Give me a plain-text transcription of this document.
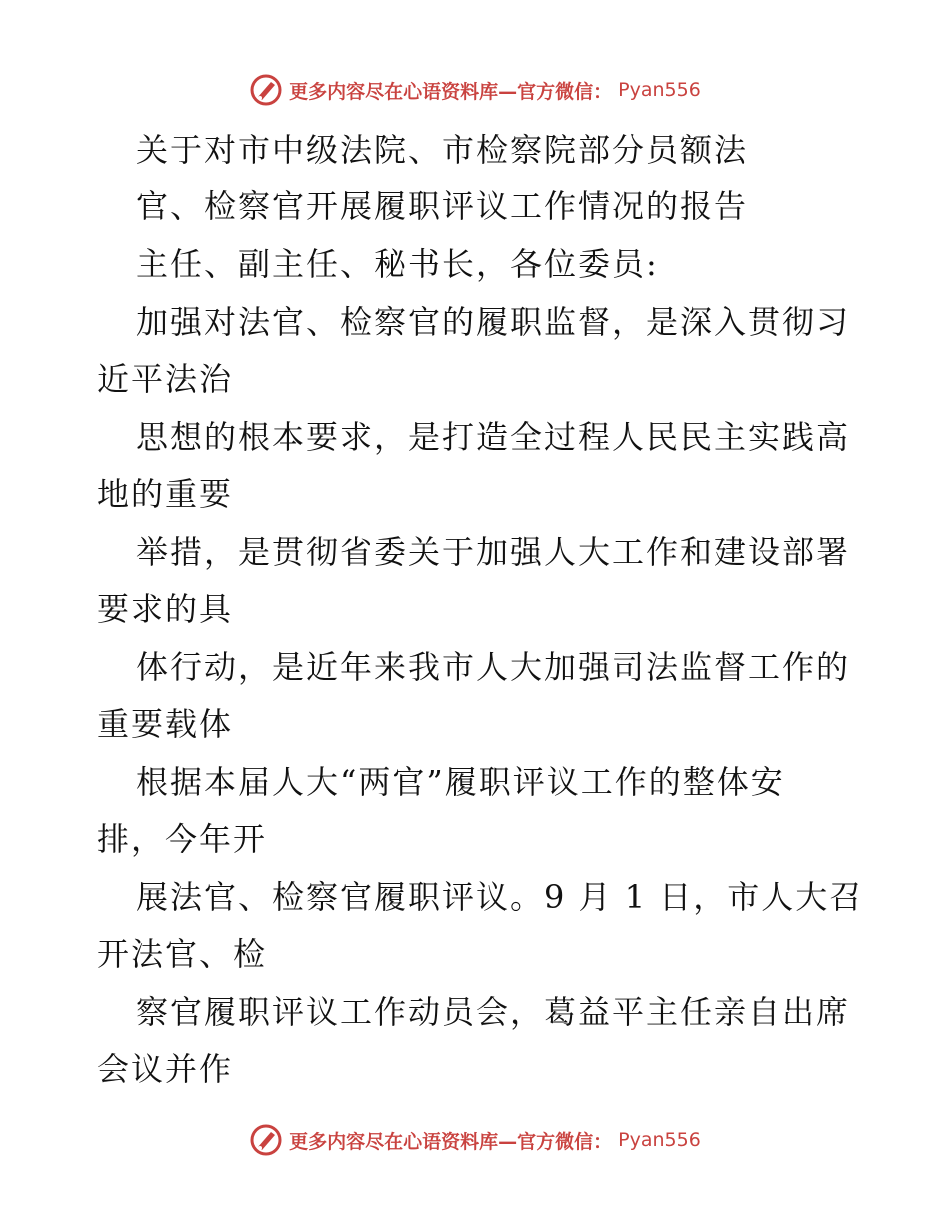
更多内容尽在心语资料库—官方微信： Pyan556
关于对市中级法院、市检察院部分员额法
官、检察官开展履职评议工作情况的报告
主任、副主任、秘书长，各位委员:
加强对法官、检察官的履职监督，是深入贯彻习
近平法治
思想的根本要求，是打造全过程人民民主实践高
地的重要
举措，是贯彻省委关于加强人大工作和建设部署
要求的具
体行动，是近年来我市人大加强司法监督工作的
重要载体
根据本届人大“两官”履职评议工作的整体安
排，今年开
展法官、检察官履职评议。9 月 1 日，市人大召
开法官、检
察官履职评议工作动员会，葛益平主任亲自出席
会议并作
更多内容尽在心语资料库—官方微信： Pyan556
